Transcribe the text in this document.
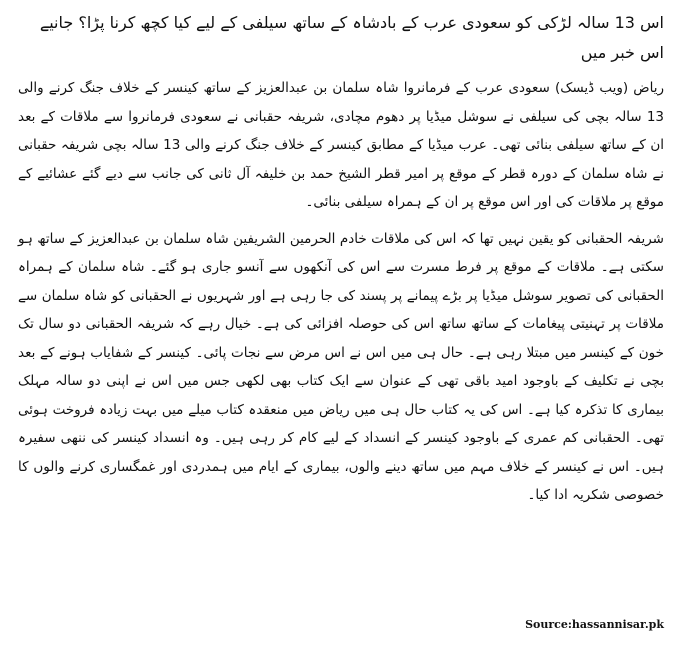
اس 13 سالہ لڑکی کو سعودی عرب کے بادشاہ کے ساتھ سیلفی کے لیے کیا کچھ کرنا پڑا؟ جانیے اس خبر میں

ریاض (ویب ڈیسک) سعودی عرب کے فرمانروا شاہ سلمان بن عبدالعزیز کے ساتھ کینسر کے خلاف جنگ کرنے والی 13 سالہ بچی کی سیلفی نے سوشل میڈیا پر دھوم مچادی، شریفہ حقبانی نے سعودی فرمانروا سے ملاقات کے بعد ان کے ساتھ سیلفی بنائی تھی۔ عرب میڈیا کے مطابق کینسر کے خلاف جنگ کرنے والی 13 سالہ بچی شریفہ حقبانی نے شاہ سلمان کے دورہ قطر کے موقع پر امیر قطر الشیخ حمد بن خلیفہ آل ثانی کی جانب سے دیے گئے عشائیے کے موقع پر ملاقات کی اور اس موقع پر ان کے ہمراہ سیلفی بنائی۔

شریفہ الحقبانی کو یقین نہیں تھا کہ اس کی ملاقات خادم الحرمین الشریفین شاہ سلمان بن عبدالعزیز کے ساتھ ہو سکتی ہے۔ ملاقات کے موقع پر فرط مسرت سے اس کی آنکھوں سے آنسو جاری ہو گئے۔ شاہ سلمان کے ہمراہ الحقبانی کی تصویر سوشل میڈیا پر بڑے پیمانے پر پسند کی جا رہی ہے اور شہریوں نے الحقبانی کو شاہ سلمان سے ملاقات پر تہنیتی پیغامات کے ساتھ ساتھ اس کی حوصلہ افزائی کی ہے۔ خیال رہے کہ شریفہ الحقبانی دو سال تک خون کے کینسر میں مبتلا رہی ہے۔ حال ہی میں اس نے اس مرض سے نجات پائی۔ کینسر کے شفایاب ہونے کے بعد بچی نے تکلیف کے باوجود امید باقی تھی کے عنوان سے ایک کتاب بھی لکھی جس میں اس نے اپنی دو سالہ مہلک بیماری کا تذکرہ کیا ہے۔ اس کی یہ کتاب حال ہی میں ریاض میں منعقدہ کتاب میلے میں بہت زیادہ فروخت ہوئی تھی۔ الحقبانی کم عمری کے باوجود کینسر کے انسداد کے لیے کام کر رہی ہیں۔ وہ انسداد کینسر کی ننھی سفیرہ ہیں۔ اس نے کینسر کے خلاف مہم میں ساتھ دینے والوں، بیماری کے ایام میں ہمدردی اور غمگساری کرنے والوں کا خصوصی شکریہ ادا کیا۔

Source:hassannisar.pk
